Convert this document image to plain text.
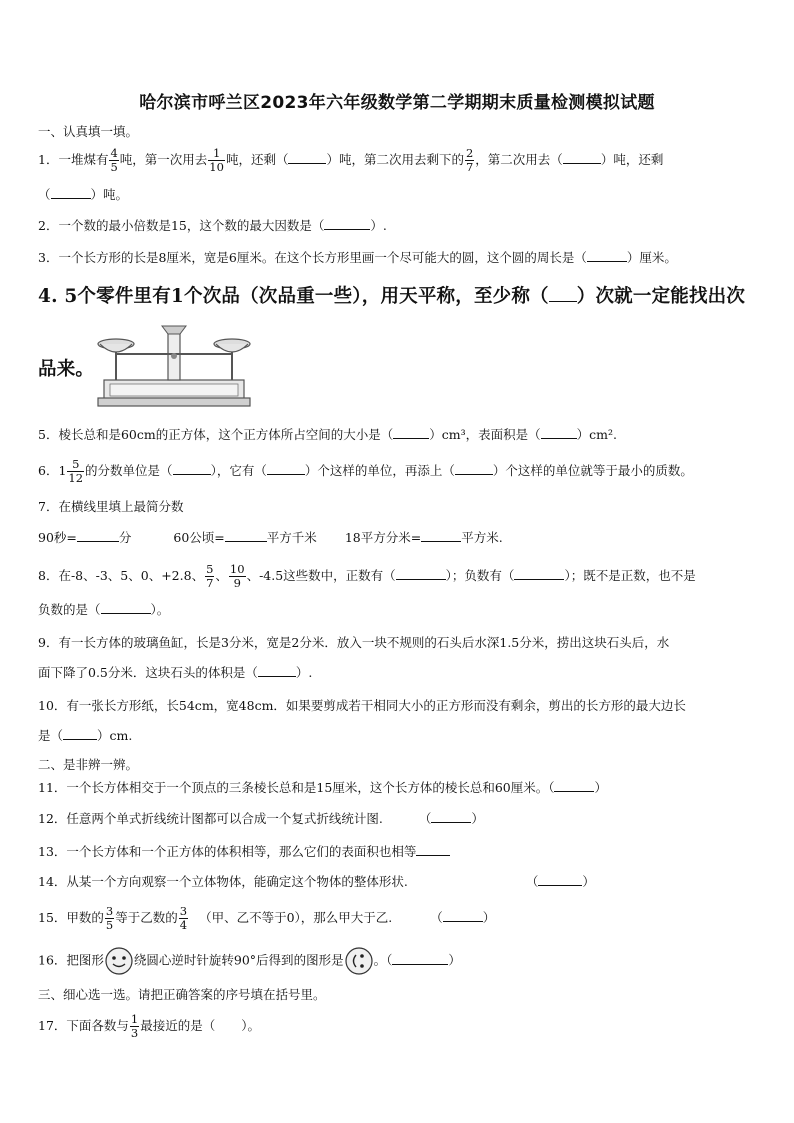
哈尔滨市呼兰区2023年六年级数学第二学期期末质量检测模拟试题
一、认真填一填。
1．一堆煤有 $\frac{4}{5}$ 吨，第一次用去 $\frac{1}{10}$ 吨，还剩（	）吨，第二次用去剩下的 $\frac{2}{7}$ ，第二次用去（	）吨，还剩
（	）吨。
2．一个数的最小倍数是15，这个数的最大因数是（	）.
3．一个长方形的长是8厘米，宽是6厘米。在这个长方形里画一个尽可能大的圆，这个圆的周长是（	）厘米。
4. 5个零件里有1个次品（次品重一些），用天平称，至少称（ ）次就一定能找出次
品来。
5．棱长总和是60cm的正方体，这个正方体所占空间的大小是（	）cm³，表面积是（	）cm².
6．$1 \frac{5}{12}$ 的分数单位是（	），它有（	）个这样的单位，再添上（	）个这样的单位就等于最小的质数。
7．在横线里填上最简分数
90秒=	分	60公顷=	平方千米 18平方分米=	平方米.
8．在-8、-3、5、0、+2.8、 $\frac{5}{7}$ 、 $\frac{10}{9}$ 、-4.5这些数中，正数有（	）；负数有（	）；既不是正数，也不是
负数的是（	）。
9．有一长方体的玻璃鱼缸，长是3分米，宽是2分米．放入一块不规则的石头后水深1.5分米，捞出这块石头后，水
面下降了0.5分米．这块石头的体积是（	）.
10．有一张长方形纸，长54cm，宽48cm．如果要剪成若干相同大小的正方形而没有剩余，剪出的长方形的最大边长
是（	）cm.
二、是非辨一辨。
11．一个长方体相交于一个顶点的三条棱长总和是15厘米，这个长方体的棱长总和60厘米。（	）
12．任意两个单式折线统计图都可以合成一个复式折线统计图.	（	）
13．一个长方体和一个正方体的体积相等，那么它们的表面积也相等
14．从某一个方向观察一个立体物体，能确定这个物体的整体形状.	（	）
15．甲数的 $\frac{3}{5}$ 等于乙数的 $\frac{3}{4}$ （甲、乙不等于0），那么甲大于乙.	（	）
16．把图形 绕圆心逆时针旋转90°后得到的图形是 。（	）
三、细心选一选。请把正确答案的序号填在括号里。
17．下面各数与 $\frac{1}{3}$ 最接近的是（ ）。
